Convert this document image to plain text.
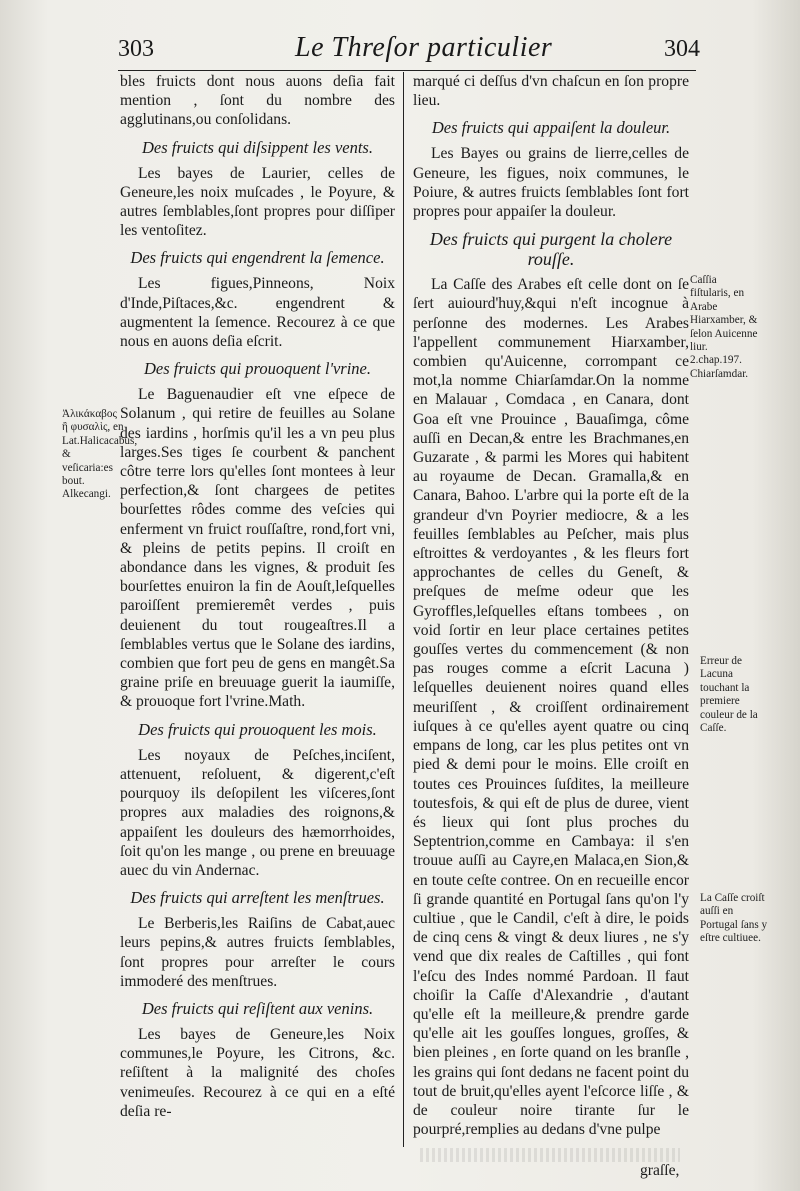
303	Le Threſor particulier	304

bles fruicts dont nous auons deſia fait mention , ſont du nombre des agglutinans,ou conſolidans.

Des fruicts qui diſsippent les vents.

Les bayes de Laurier, celles de Geneure,les noix muſcades , le Poyure, & autres ſemblables,ſont propres pour diſſiper les ventoſitez.

Des fruicts qui engendrent la ſemence.

Les figues,Pinneons, Noix d'Inde,Piſtaces,&c. engendrent & augmentent la ſemence. Recourez à ce que nous en auons deſia eſcrit.

Des fruicts qui prouoquent l'vrine.

Le Baguenaudier eſt vne eſpece de Solanum , qui retire de feuilles au Solane des iardins , horſmis qu'il les a vn peu plus larges.Ses tiges ſe courbent & panchent côtre terre lors qu'elles ſont montees à leur perfection,& ſont chargees de petites bourſettes rôdes comme des veſcies qui enferment vn fruict rouſſaſtre, rond,fort vni, & pleins de petits pepins. Il croiſt en abondance dans les vignes, & produit ſes bourſettes enuiron la fin de Aouſt,leſquelles paroiſſent premieremêt verdes , puis deuienent du tout rougeaſtres.Il a ſemblables vertus que le Solane des iardins, combien que fort peu de gens en mangêt.Sa graine priſe en breuuage guerit la iaumiſſe, & prouoque fort l'vrine.Math.

Des fruicts qui prouoquent les mois.

Les noyaux de Peſches,inciſent, attenuent, reſoluent, & digerent,c'eſt pourquoy ils deſopilent les viſceres,ſont propres aux maladies des roignons,& appaiſent les douleurs des hæmorrhoides, ſoit qu'on les mange , ou prene en breuuage auec du vin Andernac.

Des fruicts qui arreſtent les menſtrues.

Le Berberis,les Raiſins de Cabat,auec leurs pepins,& autres fruicts ſemblables, ſont propres pour arreſter le cours immoderé des menſtrues.

Des fruicts qui reſiſtent aux venins.

Les bayes de Geneure,les Noix communes,le Poyure, les Citrons, &c. reſiſtent à la malignité des choſes venimeuſes. Recourez à ce qui en a eſté deſia re-

marqué ci deſſus d'vn chaſcun en ſon propre lieu.

Des fruicts qui appaiſent la douleur.

Les Bayes ou grains de lierre,celles de Geneure, les figues, noix communes, le Poiure, & autres fruicts ſemblables ſont fort propres pour appaiſer la douleur.

Des fruicts qui purgent la cholere rouſſe.

La Caſſe des Arabes eſt celle dont on ſe ſert auiourd'huy,&qui n'eſt incognue à perſonne des modernes. Les Arabes l'appellent communement Hiarxamber, combien qu'Auicenne, corrompant ce mot,la nomme Chiarſamdar.On la nomme en Malauar , Comdaca , en Canara, dont Goa eſt vne Prouince , Bauaſimga, côme auſſi en Decan,& entre les Brachmanes,en Guzarate , & parmi les Mores qui habitent au royaume de Decan. Gramalla,& en Canara, Bahoo. L'arbre qui la porte eſt de la grandeur d'vn Poyrier mediocre, & a les feuilles ſemblables au Peſcher, mais plus eſtroittes & verdoyantes , & les fleurs fort approchantes de celles du Geneſt, & preſques de meſme odeur que les Gyroffles,leſquelles eſtans tombees , on void ſortir en leur place certaines petites gouſſes vertes du commencement (& non pas rouges comme a eſcrit Lacuna ) leſquelles deuienent noires quand elles meuriſſent , & croiſſent ordinairement iuſques à ce qu'elles ayent quatre ou cinq empans de long, car les plus petites ont vn pied & demi pour le moins. Elle croiſt en toutes ces Prouinces ſuſdites, la meilleure toutesfois, & qui eſt de plus de duree, vient és lieux qui ſont plus proches du Septentrion,comme en Cambaya: il s'en trouue auſſi au Cayre,en Malaca,en Sion,& en toute ceſte contree. On en recueille encor ſi grande quantité en Portugal ſans qu'on l'y cultiue , que le Candil, c'eſt à dire, le poids de cinq cens & vingt & deux liures , ne s'y vend que dix reales de Caſtilles , qui font l'eſcu des Indes nommé Pardoan. Il faut choiſir la Caſſe d'Alexandrie , d'autant qu'elle eſt la meilleure,& prendre garde qu'elle ait les gouſſes longues, groſſes, & bien pleines , en ſorte quand on les branſle , les grains qui ſont dedans ne facent point du tout de bruit,qu'elles ayent l'eſcorce liſſe , & de couleur noire tirante ſur le pourpré,remplies au dedans d'vne pulpe

Ἀλικάκαβος ἢ φυσαλὶς, en Lat.Halicacabus, & veſicaria:es bout. Alkecangi.
Caſſia fiſtularis, en Arabe Hiarxamber, & ſelon Auicenne liur. 2.chap.197. Chiarſamdar.
Erreur de Lacuna touchant la premiere couleur de la Caſſe.
La Caſſe croiſt auſſi en Portugal ſans y eſtre cultiuee.
graſſe,
